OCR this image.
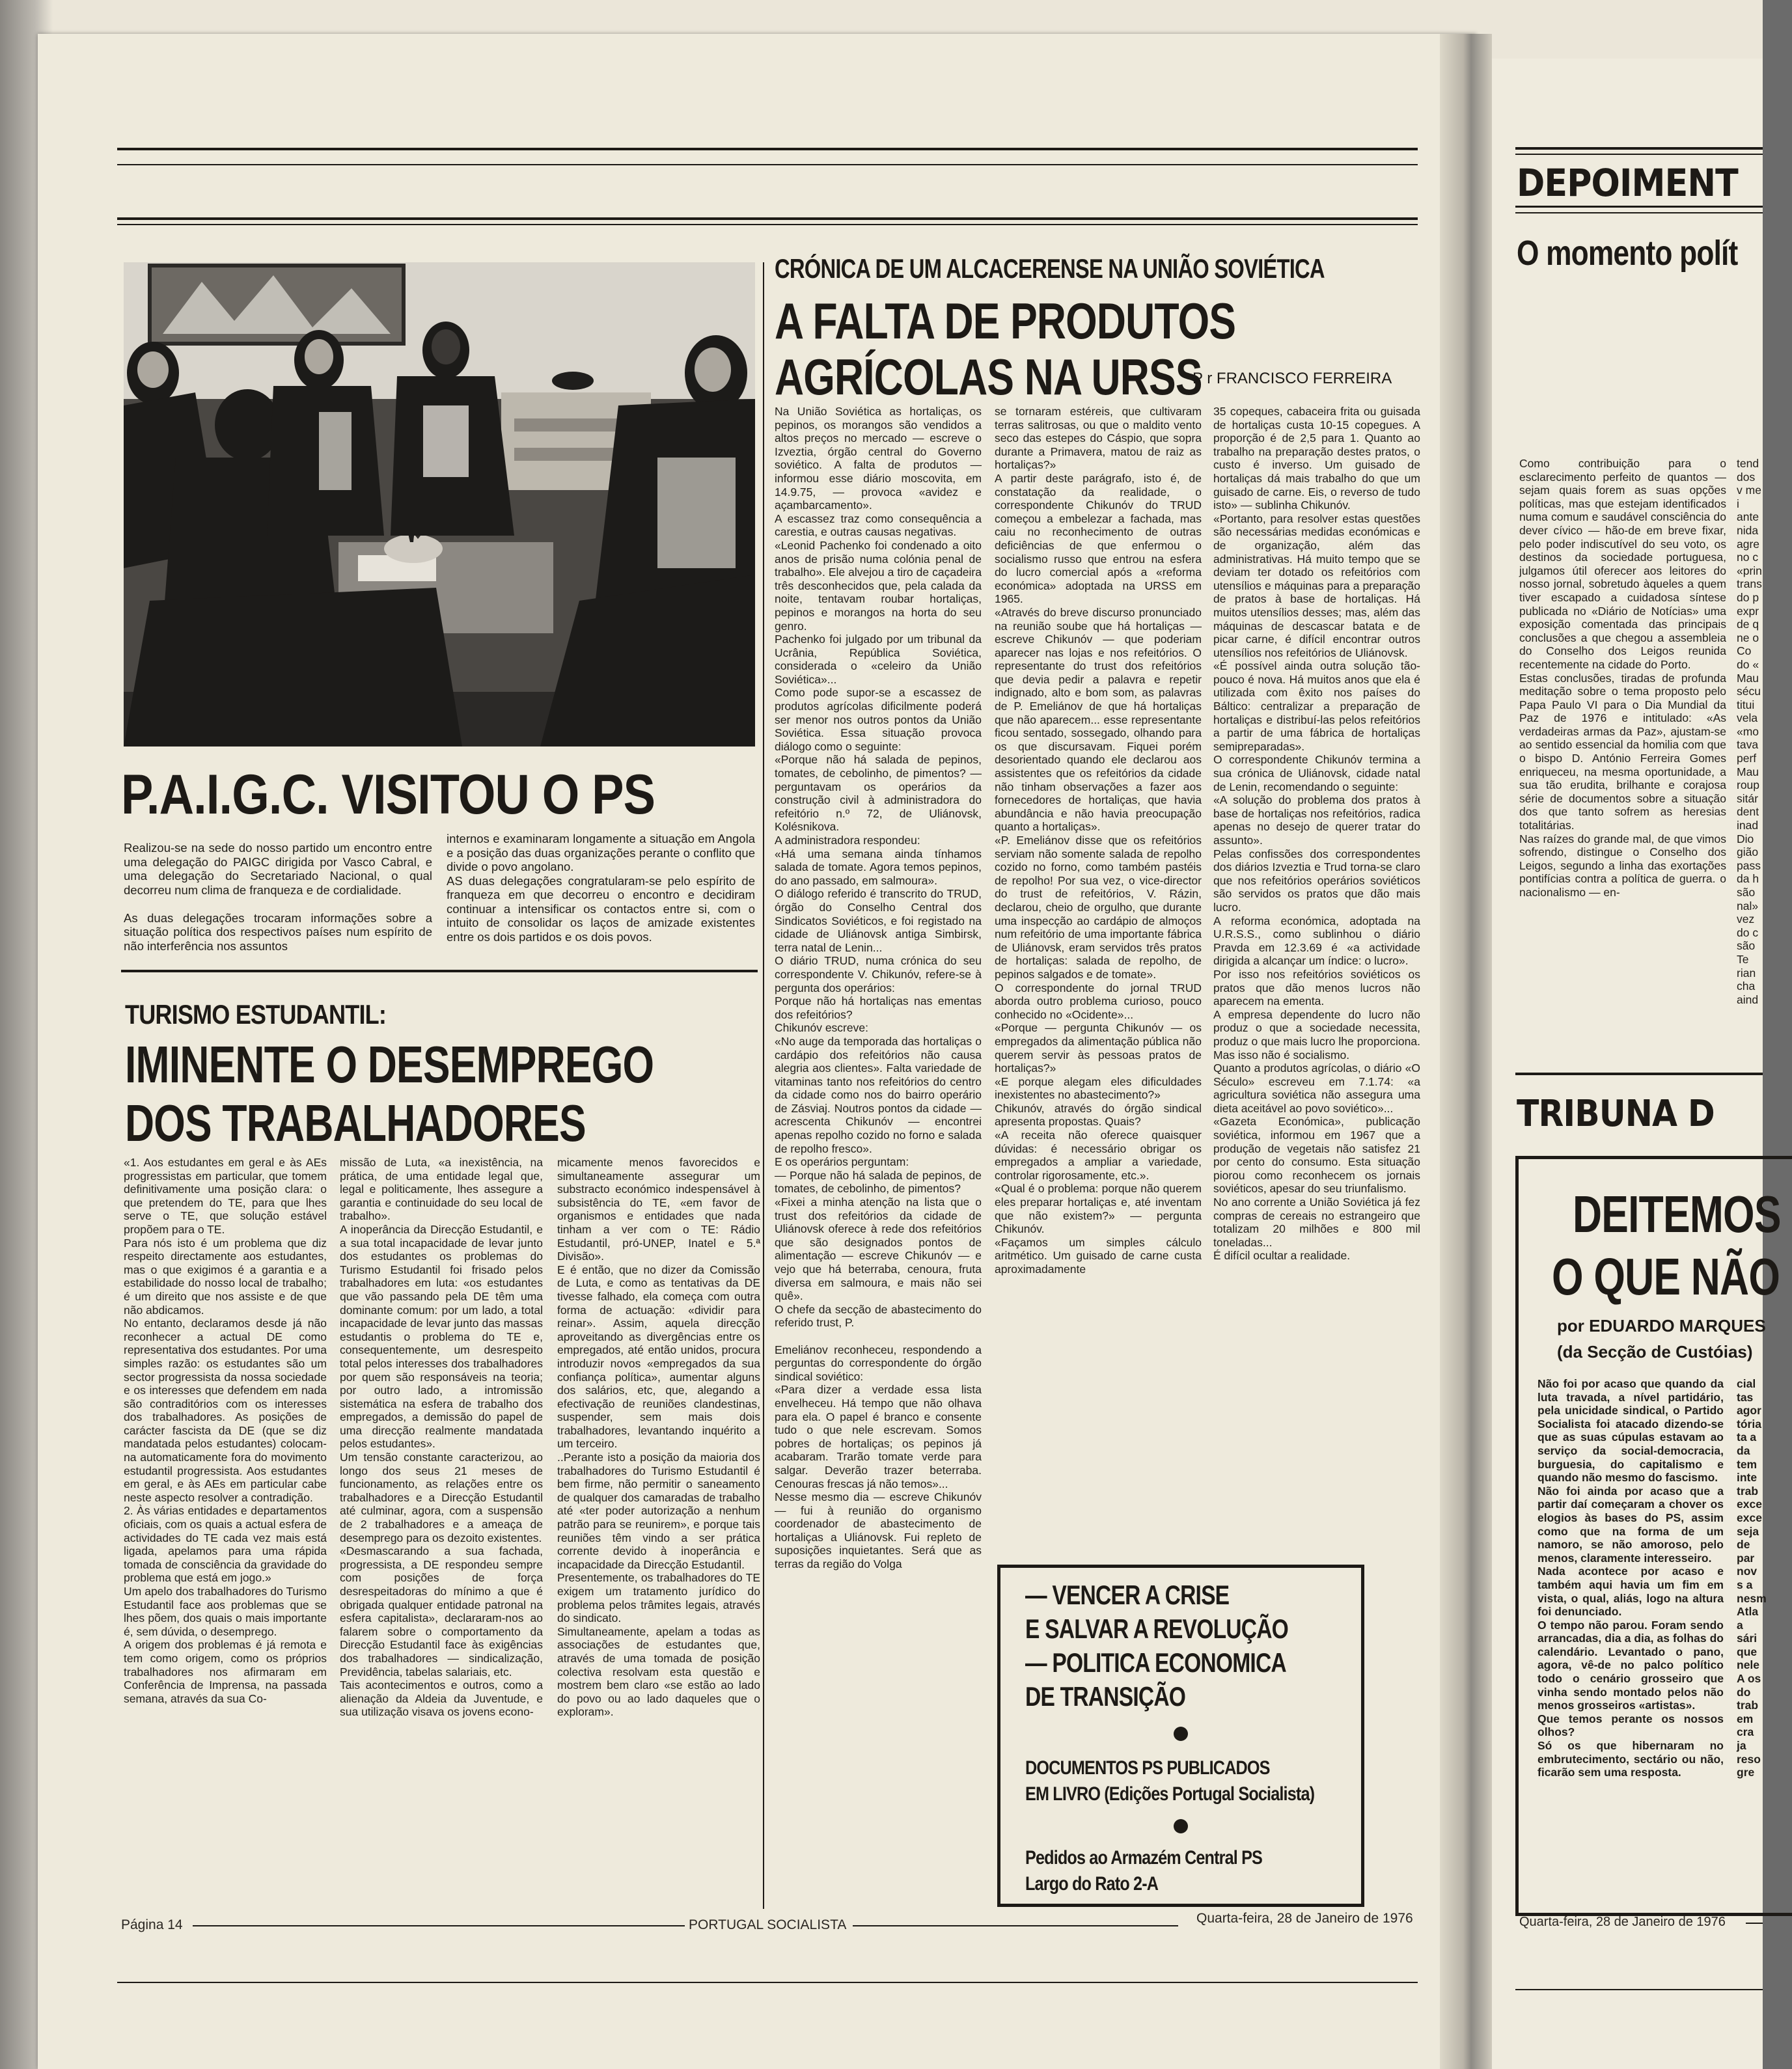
P.A.I.G.C. VISITOU O PS
Realizou-se na sede do nosso partido um encontro entre uma delegação do PAIGC dirigida por Vasco Cabral, e uma delegação do Secretariado Nacional, o qual decorreu num clima de franqueza e de cordialidade.

As duas delegações trocaram informações sobre a situação política dos respectivos países num espírito de não interferência nos assuntos
internos e examinaram longamente a situação em Angola e a posição das duas organizações perante o conflito que divide o povo angolano.
AS duas delegações congratularam-se pelo espírito de franqueza em que decorreu o encontro e decidiram continuar a intensificar os contactos entre si, com o intuito de consolidar os laços de amizade existentes entre os dois partidos e os dois povos.
TURISMO ESTUDANTIL:
IMINENTE O DESEMPREGO
DOS TRABALHADORES
«1. Aos estudantes em geral e às AEs progressistas em particular, que tomem definitivamente uma posição clara: o que pretendem do TE, para que lhes serve o TE, que solução estável propõem para o TE.
Para nós isto é um problema que diz respeito directamente aos estudantes, mas o que exigimos é a garantia e a estabilidade do nosso local de trabalho; é um direito que nos assiste e de que não abdicamos.
No entanto, declaramos desde já não reconhecer a actual DE como representativa dos estudantes. Por uma simples razão: os estudantes são um sector progressista da nossa sociedade e os interesses que defendem em nada são contraditórios com os interesses dos trabalhadores. As posições de carácter fascista da DE (que se diz mandatada pelos estudantes) colocam-na automaticamente fora do movimento estudantil progressista. Aos estudantes em geral, e às AEs em particular cabe neste aspecto resolver a contradição.
2. Às várias entidades e departamentos oficiais, com os quais a actual esfera de actividades do TE cada vez mais está ligada, apelamos para uma rápida tomada de consciência da gravidade do problema que está em jogo.»
Um apelo dos trabalhadores do Turismo Estudantil face aos problemas que se lhes põem, dos quais o mais importante é, sem dúvida, o desemprego.
A origem dos problemas é já remota e tem como origem, como os próprios trabalhadores nos afirmaram em Conferência de Imprensa, na passada semana, através da sua Co-
missão de Luta, «a inexistência, na prática, de uma entidade legal que, legal e politicamente, lhes assegure a garantia e continuidade do seu local de trabalho».
A inoperância da Direcção Estudantil, e a sua total incapacidade de levar junto dos estudantes os problemas do Turismo Estudantil foi frisado pelos trabalhadores em luta: «os estudantes que vão passando pela DE têm uma dominante comum: por um lado, a total incapacidade de levar junto das massas estudantis o problema do TE e, consequentemente, um desrespeito total pelos interesses dos trabalhadores por quem são responsáveis na teoria; por outro lado, a intromissão sistemática na esfera de trabalho dos empregados, a demissão do papel de uma direcção realmente mandatada pelos estudantes».
Um tensão constante caracterizou, ao longo dos seus 21 meses de funcionamento, as relações entre os trabalhadores e a Direcção Estudantil até culminar, agora, com a suspensão de 2 trabalhadores e a ameaça de desemprego para os dezoito existentes.
«Desmascarando a sua fachada, progressista, a DE respondeu sempre com posições de força desrespeitadoras do mínimo a que é obrigada qualquer entidade patronal na esfera capitalista», declararam-nos ao falarem sobre o comportamento da Direcção Estudantil face às exigências dos trabalhadores — sindicalização, Previdência, tabelas salariais, etc.
Tais acontecimentos e outros, como a alienação da Aldeia da Juventude, e sua utilização visava os jovens econo-
micamente menos favorecidos e simultaneamente assegurar um substracto económico indespensável à subsistência do TE, «em favor de organismos e entidades que nada tinham a ver com o TE: Rádio Estudantil, pró-UNEP, Inatel e 5.ª Divisão».
E é então, que no dizer da Comissão de Luta, e como as tentativas da DE tivesse falhado, ela começa com outra forma de actuação: «dividir para reinar». Assim, aquela direcção aproveitando as divergências entre os empregados, até então unidos, procura introduzir novos «empregados da sua confiança política», aumentar alguns dos salários, etc, que, alegando a efectivação de reuniões clandestinas, suspender, sem mais dois trabalhadores, levantando inquérito a um terceiro.
..Perante isto a posição da maioria dos trabalhadores do Turismo Estudantil é bem firme, não permitir o saneamento de qualquer dos camaradas de trabalho até «ter poder autorização a nenhum patrão para se reunirem», e porque tais reuniões têm vindo a ser prática corrente devido à inoperância e incapacidade da Direcção Estudantil.
Presentemente, os trabalhadores do TE exigem um tratamento jurídico do problema pelos trâmites legais, através do sindicato.
Simultaneamente, apelam a todas as associações de estudantes que, através de uma tomada de posição colectiva resolvam esta questão e mostrem bem claro «se estão ao lado do povo ou ao lado daqueles que o exploram».
CRÓNICA DE UM ALCACERENSE NA UNIÃO SOVIÉTICA
A FALTA DE PRODUTOS
AGRÍCOLAS NA URSS
P r FRANCISCO FERREIRA
Na União Soviética as hortaliças, os pepinos, os morangos são vendidos a altos preços no mercado — escreve o Izveztia, órgão central do Governo soviético. A falta de produtos — informou esse diário moscovita, em 14.9.75, — provoca «avidez e açambarcamento».
A escassez traz como consequência a carestia, e outras causas negativas.
«Leonid Pachenko foi condenado a oito anos de prisão numa colónia penal de trabalho». Ele alvejou a tiro de caçadeira três desconhecidos que, pela calada da noite, tentavam roubar hortaliças, pepinos e morangos na horta do seu genro.
Pachenko foi julgado por um tribunal da Ucrânia, República Soviética, considerada o «celeiro da União Soviética»...
Como pode supor-se a escassez de produtos agrícolas dificilmente poderá ser menor nos outros pontos da União Soviética. Essa situação provoca diálogo como o seguinte:
«Porque não há salada de pepinos, tomates, de cebolinho, de pimentos? — perguntavam os operários da construção civil à administradora do refeitório n.º 72, de Uliánovsk, Kolésnikova.
A administradora respondeu:
«Há uma semana ainda tínhamos salada de tomate. Agora temos pepinos, do ano passado, em salmoura».
O diálogo referido é transcrito do TRUD, órgão do Conselho Central dos Sindicatos Soviéticos, e foi registado na cidade de Uliánovsk antiga Simbirsk, terra natal de Lenin...
O diário TRUD, numa crónica do seu correspondente V. Chikunóv, refere-se à pergunta dos operários:
Porque não há hortaliças nas ementas dos refeitórios?
Chikunóv escreve:
«No auge da temporada das hortaliças o cardápio dos refeitórios não causa alegria aos clientes». Falta variedade de vitaminas tanto nos refeitórios do centro da cidade como nos do bairro operário de Zásviaj. Noutros pontos da cidade — acrescenta Chikunóv — encontrei apenas repolho cozido no forno e salada de repolho fresco».
E os operários perguntam:
— Porque não há salada de pepinos, de tomates, de cebolinho, de pimentos?
«Fixei a minha atenção na lista que o trust dos refeitórios da cidade de Uliánovsk oferece à rede dos refeitórios que são designados pontos de alimentação — escreve Chikunóv — e vejo que há beterraba, cenoura, fruta diversa em salmoura, e mais não sei quê».
O chefe da secção de abastecimento do referido trust, P.

Emeliánov reconheceu, respondendo a perguntas do correspondente do órgão sindical soviético:
«Para dizer a verdade essa lista envelheceu. Há tempo que não olhava para ela. O papel é branco e consente tudo o que nele escrevam. Somos pobres de hortaliças; os pepinos já acabaram. Trarão tomate verde para salgar. Deverão trazer beterraba. Cenouras frescas já não temos»...
Nesse mesmo dia — escreve Chikunóv — fui à reunião do organismo coordenador de abastecimento de hortaliças a Uliánovsk. Fui repleto de suposições inquietantes. Será que as terras da região do Volga
se tornaram estéreis, que cultivaram terras salitrosas, ou que o maldito vento seco das estepes do Cáspio, que sopra durante a Primavera, matou de raiz as hortaliças?»
A partir deste parágrafo, isto é, de constatação da realidade, o correspondente Chikunóv do TRUD começou a embelezar a fachada, mas caiu no reconhecimento de outras deficiências de que enfermou o socialismo russo que entrou na esfera do lucro comercial após a «reforma económica» adoptada na URSS em 1965.
«Através do breve discurso pronunciado na reunião soube que há hortaliças — escreve Chikunóv — que poderiam aparecer nas lojas e nos refeitórios. O representante do trust dos refeitórios que devia pedir a palavra e repetir indignado, alto e bom som, as palavras de P. Emeliánov de que há hortaliças que não aparecem... esse representante ficou sentado, sossegado, olhando para os que discursavam. Fiquei porém desorientado quando ele declarou aos assistentes que os refeitórios da cidade não tinham observações a fazer aos fornecedores de hortaliças, que havia abundância e não havia preocupação quanto a hortaliças».
«P. Emeliánov disse que os refeitórios serviam não somente salada de repolho cozido no forno, como também pastéis de repolho! Por sua vez, o vice-director do trust de refeitórios, V. Rázin, declarou, cheio de orgulho, que durante uma inspecção ao cardápio de almoços num refeitório de uma importante fábrica de Uliánovsk, eram servidos três pratos de hortaliças: salada de repolho, de pepinos salgados e de tomate».
O correspondente do jornal TRUD aborda outro problema curioso, pouco conhecido no «Ocidente»...
«Porque — pergunta Chikunóv — os empregados da alimentação pública não querem servir às pessoas pratos de hortaliças?»
«E porque alegam eles dificuldades inexistentes no abastecimento?»
Chikunóv, através do órgão sindical apresenta propostas. Quais?
«A receita não oferece quaisquer dúvidas: é necessário obrigar os empregados a ampliar a variedade, controlar rigorosamente, etc.».
«Qual é o problema: porque não querem eles preparar hortaliças e, até inventam que não existem?» — pergunta Chikunóv.
«Façamos um simples cálculo aritmético. Um guisado de carne custa aproximadamente
35 copeques, cabaceira frita ou guisada de hortaliças custa 10-15 copegues. A proporção é de 2,5 para 1. Quanto ao trabalho na preparação destes pratos, o custo é inverso. Um guisado de hortaliças dá mais trabalho do que um guisado de carne. Eis, o reverso de tudo isto» — sublinha Chikunóv.
«Portanto, para resolver estas questões são necessárias medidas económicas e de organização, além das administrativas. Há muito tempo que se deviam ter dotado os refeitórios com utensílios e máquinas para a preparação de pratos à base de hortaliças. Há muitos utensílios desses; mas, além das máquinas de descascar batata e de picar carne, é difícil encontrar outros utensílios nos refeitórios de Uliánovsk.
«É possível ainda outra solução tão-pouco é nova. Há muitos anos que ela é utilizada com êxito nos países do Báltico: centralizar a preparação de hortaliças e distribuí-las pelos refeitórios a partir de uma fábrica de hortaliças semipreparadas».
O correspondente Chikunóv termina a sua crónica de Uliánovsk, cidade natal de Lenin, recomendando o seguinte:
«A solução do problema dos pratos à base de hortaliças nos refeitórios, radica apenas no desejo de querer tratar do assunto».
Pelas confissões dos correspondentes dos diários Izveztia e Trud torna-se claro que nos refeitórios operários soviéticos são servidos os pratos que dão mais lucro.
A reforma económica, adoptada na U.R.S.S., como sublinhou o diário Pravda em 12.3.69 é «a actividade dirigida a alcançar um índice: o lucro».
Por isso nos refeitórios soviéticos os pratos que dão menos lucros não aparecem na ementa.
A empresa dependente do lucro não produz o que a sociedade necessita, produz o que mais lucro lhe proporciona. Mas isso não é socialismo.
Quanto a produtos agrícolas, o diário «O Século» escreveu em 7.1.74: «a agricultura soviética não assegura uma dieta aceitável ao povo soviético»...
«Gazeta Económica», publicação soviética, informou em 1967 que a produção de vegetais não satisfez 21 por cento do consumo. Esta situação piorou como reconhecem os jornais soviéticos, apesar do seu triunfalismo.
No ano corrente a União Soviética já fez compras de cereais no estrangeiro que totalizam 20 milhões e 800 mil toneladas...
É difícil ocultar a realidade.
— VENCER A CRISE
E SALVAR A REVOLUÇÃO
— POLITICA ECONOMICA
DE TRANSIÇÃO
DOCUMENTOS PS PUBLICADOS
EM LIVRO (Edições Portugal Socialista)
Pedidos ao Armazém Central PS
Largo do Rato 2-A
Página 14	PORTUGAL SOCIALISTA	Quarta-feira, 28 de Janeiro de 1976
DEPOIMENT
O momento polít
Como contribuição para o esclarecimento perfeito de quantos — sejam quais forem as suas opções políticas, mas que estejam identificados numa comum e saudável consciência do dever cívico — hão-de em breve fixar, pelo poder indiscutível do seu voto, os destinos da sociedade portuguesa, julgamos útil oferecer aos leitores do nosso jornal, sobretudo àqueles a quem tiver escapado a cuidadosa síntese publicada no «Diário de Notícias» uma exposição comentada das principais conclusões a que chegou a assembleia do Conselho dos Leigos reunida recentemente na cidade do Porto.
Estas conclusões, tiradas de profunda meditação sobre o tema proposto pelo Papa Paulo VI para o Dia Mundial da Paz de 1976 e intitulado: «As verdadeiras armas da Paz», ajustam-se ao sentido essencial da homilia com que o bispo D. António Ferreira Gomes enriqueceu, na mesma oportunidade, a sua tão erudita, brilhante e corajosa série de documentos sobre a situação dos que tanto sofrem as heresias totalitárias.
Nas raízes do grande mal, de que vimos sofrendo, distingue o Conselho dos Leigos, segundo a linha das exortações pontifícias contra a política de guerra. o nacionalismo — en-
tend dos v me i ante nida agre no c «prin trans do p expr de q ne o
Co do « Mau sécu titui vela «mo tava perf Mau roup sitár dent inad Dio gião pass da h são nal» vez do c são Te rian cha aind
TRIBUNA D
DEITEMOS
O QUE NÃO
por EDUARDO MARQUES
(da Secção de Custóias)
Não foi por acaso que quando da luta travada, a nível partidário, pela unicidade sindical, o Partido Socialista foi atacado dizendo-se que as suas cúpulas estavam ao serviço da social-democracia, burguesia, do capitalismo e quando não mesmo do fascismo.
Não foi ainda por acaso que a partir daí começaram a chover os elogios às bases do PS, assim como que na forma de um namoro, se não amoroso, pelo menos, claramente interesseiro.
Nada acontece por acaso e também aqui havia um fim em vista, o qual, aliás, logo na altura foi denunciado.
O tempo não parou. Foram sendo arrancadas, dia a dia, as folhas do calendário. Levantado o pano, agora, vê-de no palco político todo o cenário grosseiro que vinha sendo montado pelos não menos grosseiros «artistas».
Que temos perante os nossos olhos?
Só os que hibernaram no embrutecimento, sectário ou não, ficarão sem uma resposta.
cial tas agor tória ta a da tem inte trab exce exce seja de par nov s a nesm Atla a sári que nele A os do trab em cra ja reso gre
Quarta-feira, 28 de Janeiro de 1976
